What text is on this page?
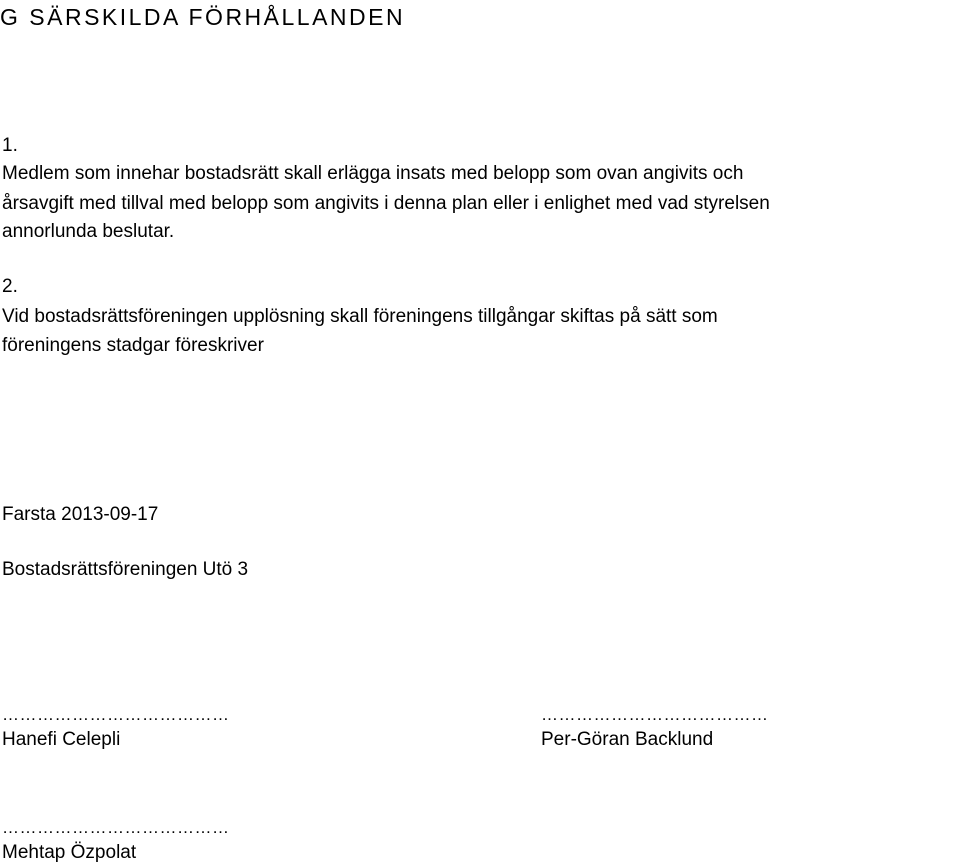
G SÄRSKILDA FÖRHÅLLANDEN
1.
Medlem som innehar bostadsrätt skall erlägga insats med belopp som ovan angivits och
årsavgift med tillval med belopp som angivits i denna plan eller i enlighet med vad styrelsen
annorlunda beslutar.
2.
Vid bostadsrättsföreningen upplösning skall föreningens tillgångar skiftas på sätt som
föreningens stadgar föreskriver
Farsta 2013-09-17
Bostadsrättsföreningen Utö 3
…………………………………
Hanefi Celepli
…………………………………
Per-Göran Backlund
…………………………………
Mehtap Özpolat
